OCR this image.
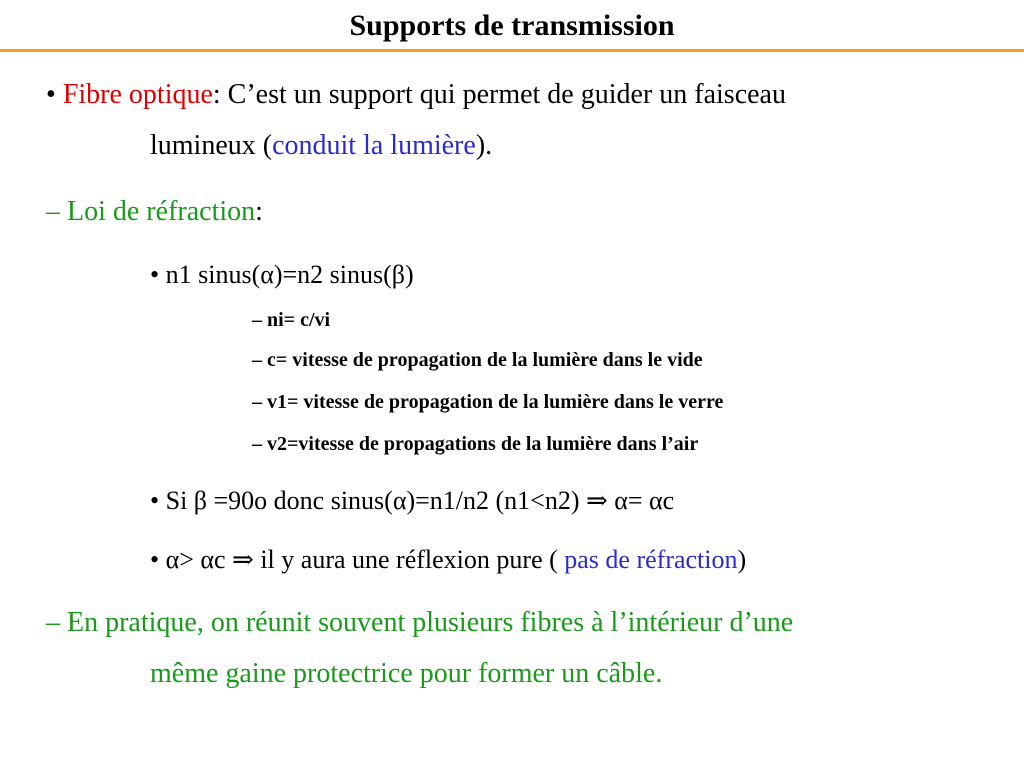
Supports de transmission
• Fibre optique: C’est un support qui permet de guider un faisceau
lumineux (conduit la lumière).
– Loi de réfraction:
• n1 sinus(α)=n2 sinus(β)
– ni= c/vi
– c= vitesse de propagation de la lumière dans le vide
– v1= vitesse de propagation de la lumière dans le verre
– v2=vitesse de propagations de la lumière dans l’air
• Si β =90o donc sinus(α)=n1/n2 (n1<n2) ⇒ α= αc
• α> αc ⇒ il y aura une réflexion pure ( pas de réfraction)
– En pratique, on réunit souvent plusieurs fibres à l’intérieur d’une
même gaine protectrice pour former un câble.
